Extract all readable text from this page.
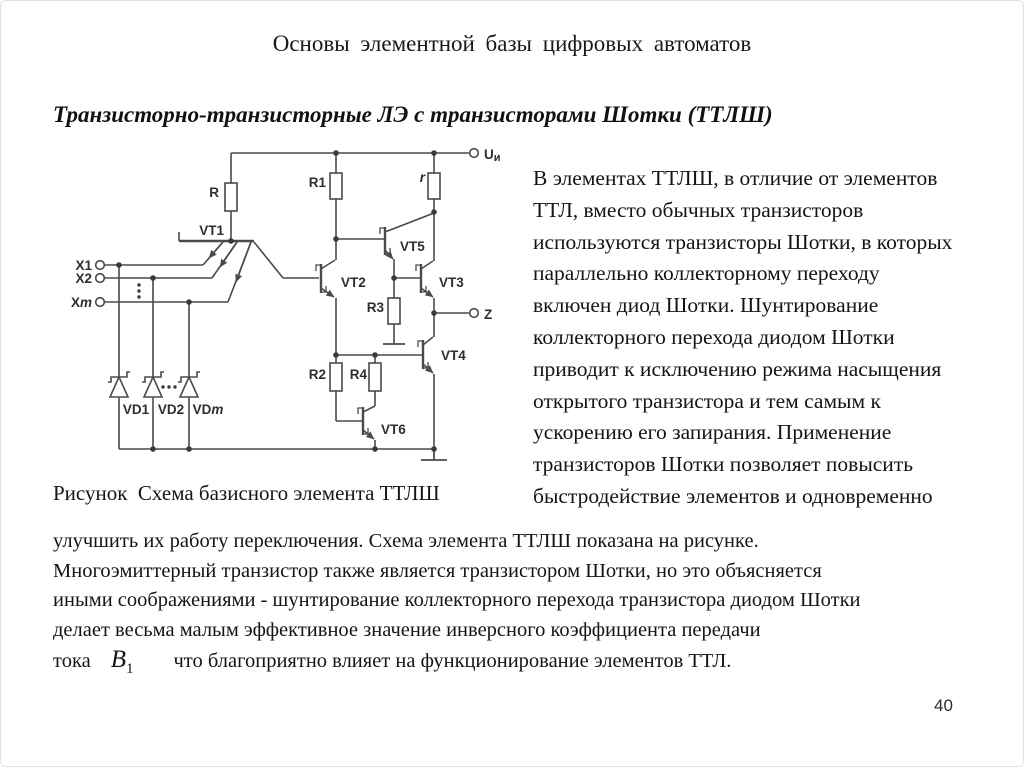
Основы элементной базы цифровых автоматов
Транзисторно-транзисторные ЛЭ с транзисторами Шотки (ТТЛШ)
R
R1	r
R3
R2 R4
VT1
VT2	VT3
VT4
VT5
VT6
VD1 VD2 VDm
X1
X2
Xm
Uи
Z
Рисунок  Схема базисного элемента ТТЛШ
В элементах ТТЛШ, в отличие от элементов
ТТЛ, вместо обычных транзисторов
используются транзисторы Шотки, в которых
параллельно коллекторному переходу
включен диод Шотки. Шунтирование
коллекторного перехода диодом Шотки
приводит к исключению режима насыщения
открытого транзистора и тем самым к
ускорению его запирания. Применение
транзисторов Шотки позволяет повысить
быстродействие элементов и одновременно
улучшить их работу переключения. Схема элемента ТТЛШ показана на рисунке.
Многоэмиттерный транзистор также является транзистором Шотки, но это объясняется
иными соображениями - шунтирование коллекторного перехода транзистора диодом Шотки
делает весьма малым эффективное значение инверсного коэффициента передачи
тока B 1 что благоприятно влияет на функционирование элементов ТТЛ.
40
